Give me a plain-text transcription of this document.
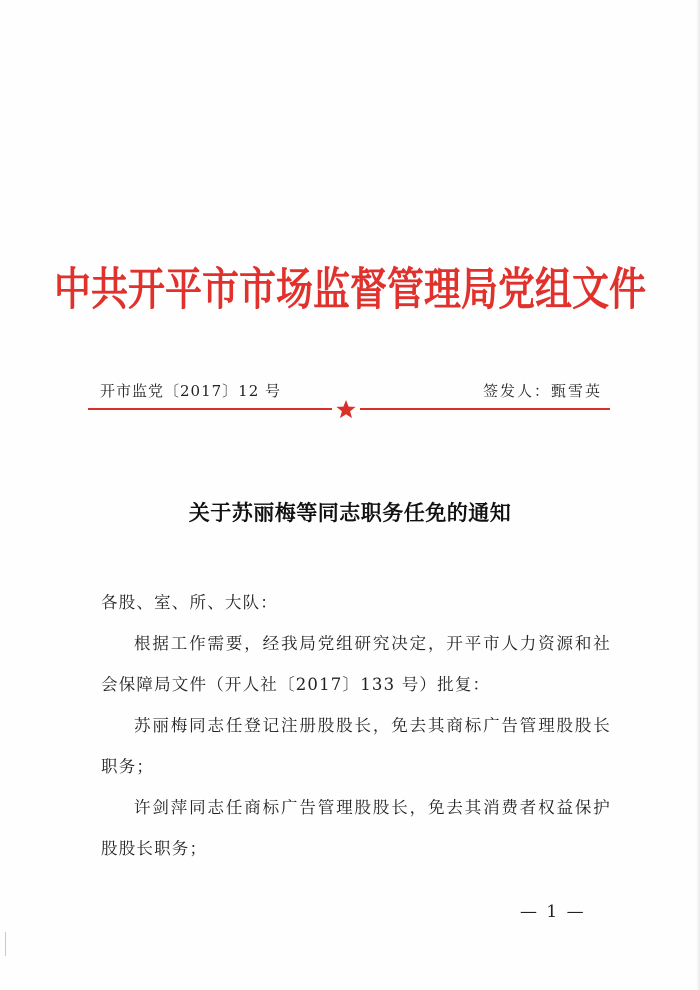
中共开平市市场监督管理局党组文件
开市监党〔2017〕12 号	签发人：甄雪英
关于苏丽梅等同志职务任免的通知
各股、室、所、大队：
根据工作需要，经我局党组研究决定，开平市人力资源和社会保障局文件（开人社〔2017〕133 号）批复：
苏丽梅同志任登记注册股股长，免去其商标广告管理股股长职务；
许剑萍同志任商标广告管理股股长，免去其消费者权益保护股股长职务；
— 1 —
